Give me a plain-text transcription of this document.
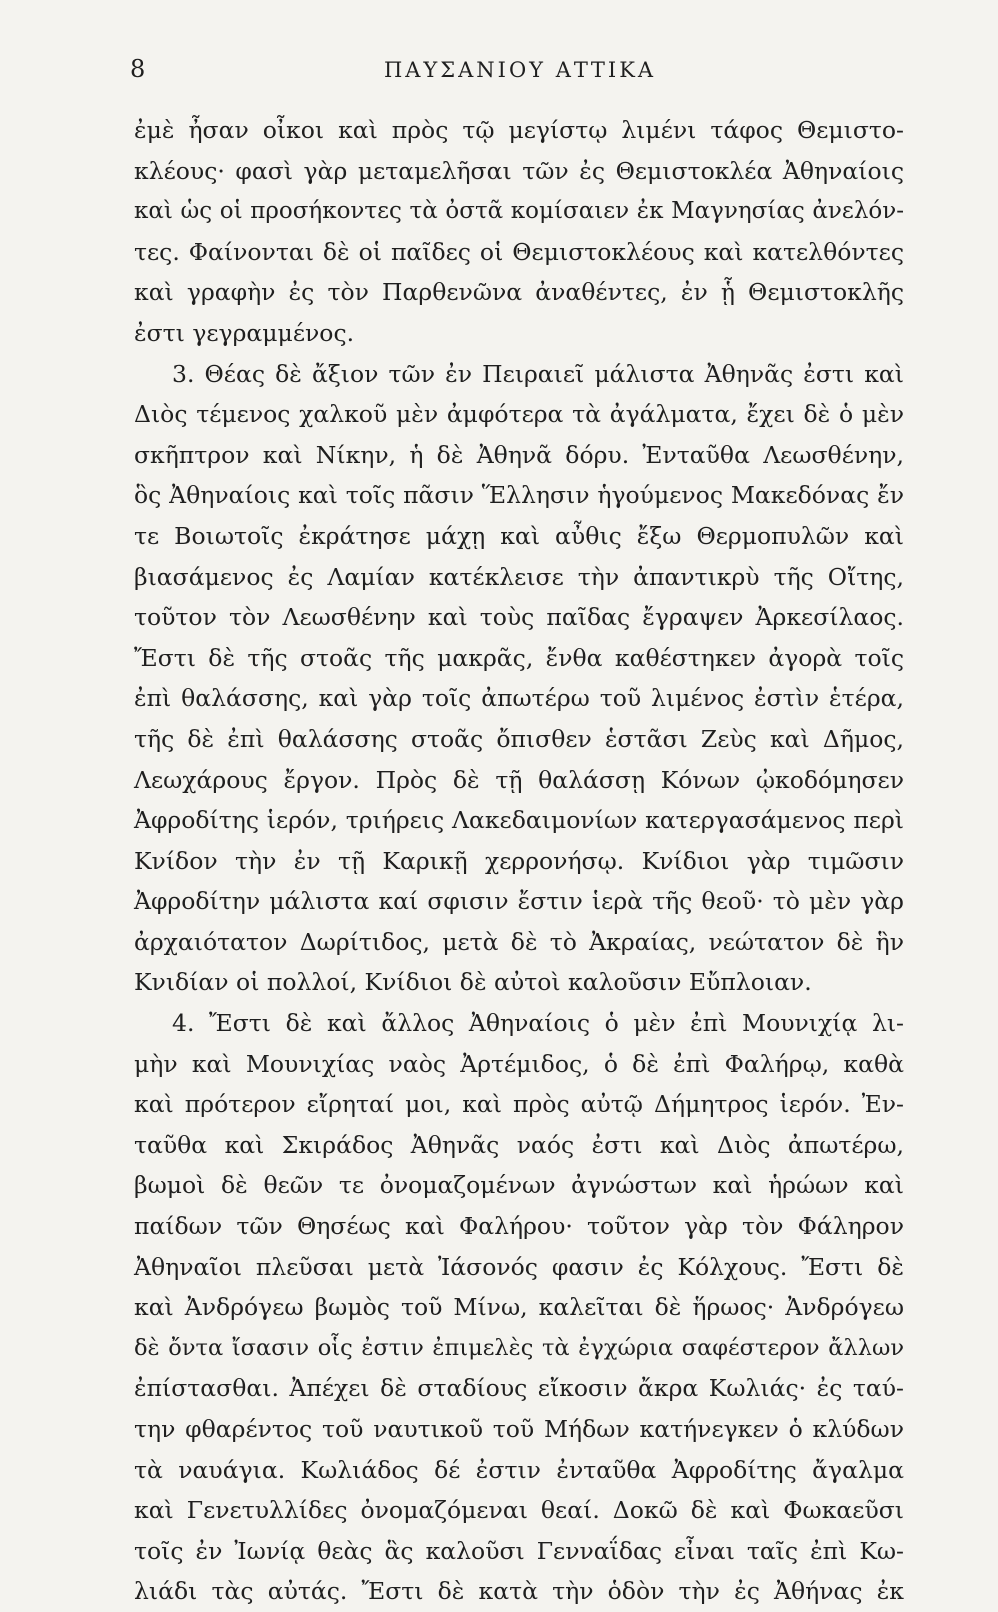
8	ΠΑΥΣΑΝΙΟΥ ΑΤΤΙΚΑ
ἐμὲ ἦσαν οἶκοι καὶ πρὸς τῷ μεγίστῳ λιμένι τάφος Θεμιστο-
κλέους· φασὶ γὰρ μεταμελῆσαι τῶν ἐς Θεμιστοκλέα Ἀθηναίοις
καὶ ὡς οἱ προσήκοντες τὰ ὀστᾶ κομίσαιεν ἐκ Μαγνησίας ἀνελόν-
τες. Φαίνονται δὲ οἱ παῖδες οἱ Θεμιστοκλέους καὶ κατελθόντες
καὶ γραφὴν ἐς τὸν Παρθενῶνα ἀναθέντες, ἐν ᾗ Θεμιστοκλῆς
ἐστι γεγραμμένος.
3. Θέας δὲ ἄξιον τῶν ἐν Πειραιεῖ μάλιστα Ἀθηνᾶς ἐστι καὶ
Διὸς τέμενος χαλκοῦ μὲν ἀμφότερα τὰ ἀγάλματα, ἔχει δὲ ὁ μὲν
σκῆπτρον καὶ Νίκην, ἡ δὲ Ἀθηνᾶ δόρυ. Ἐνταῦθα Λεωσθένην,
ὃς Ἀθηναίοις καὶ τοῖς πᾶσιν Ἕλλησιν ἡγούμενος Μακεδόνας ἔν
τε Βοιωτοῖς ἐκράτησε μάχῃ καὶ αὖθις ἔξω Θερμοπυλῶν καὶ
βιασάμενος ἐς Λαμίαν κατέκλεισε τὴν ἀπαντικρὺ τῆς Οἴτης,
τοῦτον τὸν Λεωσθένην καὶ τοὺς παῖδας ἔγραψεν Ἀρκεσίλαος.
Ἔστι δὲ τῆς στοᾶς τῆς μακρᾶς, ἔνθα καθέστηκεν ἀγορὰ τοῖς
ἐπὶ θαλάσσης, καὶ γὰρ τοῖς ἀπωτέρω τοῦ λιμένος ἐστὶν ἑτέρα,
τῆς δὲ ἐπὶ θαλάσσης στοᾶς ὄπισθεν ἑστᾶσι Ζεὺς καὶ Δῆμος,
Λεωχάρους ἔργον. Πρὸς δὲ τῇ θαλάσσῃ Κόνων ᾠκοδόμησεν
Ἀφροδίτης ἱερόν, τριήρεις Λακεδαιμονίων κατεργασάμενος περὶ
Κνίδον τὴν ἐν τῇ Καρικῇ χερρονήσῳ. Κνίδιοι γὰρ τιμῶσιν
Ἀφροδίτην μάλιστα καί σφισιν ἔστιν ἱερὰ τῆς θεοῦ· τὸ μὲν γὰρ
ἀρχαιότατον Δωρίτιδος, μετὰ δὲ τὸ Ἀκραίας, νεώτατον δὲ ἣν
Κνιδίαν οἱ πολλοί, Κνίδιοι δὲ αὐτοὶ καλοῦσιν Εὔπλοιαν.
4. Ἔστι δὲ καὶ ἄλλος Ἀθηναίοις ὁ μὲν ἐπὶ Μουνιχίᾳ λι-
μὴν καὶ Μουνιχίας ναὸς Ἀρτέμιδος, ὁ δὲ ἐπὶ Φαλήρῳ, καθὰ
καὶ πρότερον εἴρηταί μοι, καὶ πρὸς αὐτῷ Δήμητρος ἱερόν. Ἐν-
ταῦθα καὶ Σκιράδος Ἀθηνᾶς ναός ἐστι καὶ Διὸς ἀπωτέρω,
βωμοὶ δὲ θεῶν τε ὀνομαζομένων ἀγνώστων καὶ ἡρώων καὶ
παίδων τῶν Θησέως καὶ Φαλήρου· τοῦτον γὰρ τὸν Φάληρον
Ἀθηναῖοι πλεῦσαι μετὰ Ἰάσονός φασιν ἐς Κόλχους. Ἔστι δὲ
καὶ Ἀνδρόγεω βωμὸς τοῦ Μίνω, καλεῖται δὲ ἥρωος· Ἀνδρόγεω
δὲ ὄντα ἴσασιν οἷς ἐστιν ἐπιμελὲς τὰ ἐγχώρια σαφέστερον ἄλλων
ἐπίστασθαι. Ἀπέχει δὲ σταδίους εἴκοσιν ἄκρα Κωλιάς· ἐς ταύ-
την φθαρέντος τοῦ ναυτικοῦ τοῦ Μήδων κατήνεγκεν ὁ κλύδων
τὰ ναυάγια. Κωλιάδος δέ ἐστιν ἐνταῦθα Ἀφροδίτης ἄγαλμα
καὶ Γενετυλλίδες ὀνομαζόμεναι θεαί. Δοκῶ δὲ καὶ Φωκαεῦσι
τοῖς ἐν Ἰωνίᾳ θεὰς ἃς καλοῦσι Γενναΐδας εἶναι ταῖς ἐπὶ Κω-
λιάδι τὰς αὐτάς. Ἔστι δὲ κατὰ τὴν ὁδὸν τὴν ἐς Ἀθήνας ἐκ
